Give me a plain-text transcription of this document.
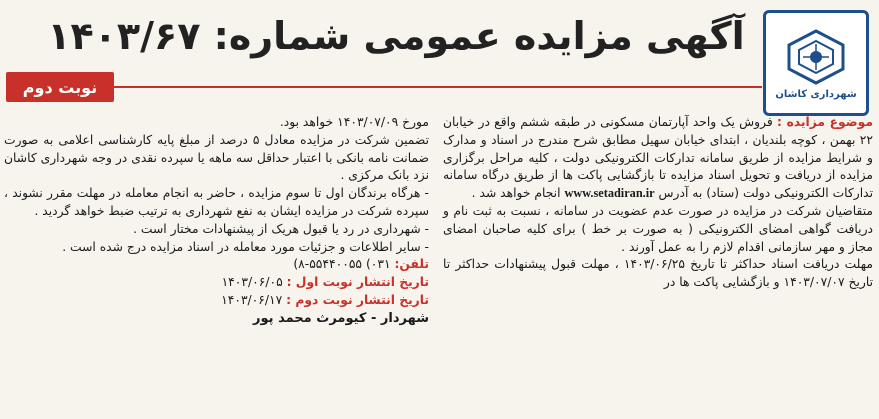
شهرداری کاشان
آگهی مزایده عمومی شماره: ۱۴۰۳/۶۷
نوبت دوم

موضوع مزایده : فروش یک واحد آپارتمان مسکونی در طبقه ششم واقع در خیابان ۲۲ بهمن ، کوچه بلندیان ، ابتدای خیابان سهیل مطابق شرح مندرج در اسناد و مدارک و شرایط مزایده از طریق سامانه تدارکات الکترونیکی دولت ، کلیه مراحل برگزاری مزایده از دریافت و تحویل اسناد مزایده تا بازگشایی پاکت ها از طریق درگاه سامانه تدارکات الکترونیکی دولت (ستاد) به آدرس www.setadiran.ir انجام خواهد شد .

متقاضیان شرکت در مزایده در صورت عدم عضویت در سامانه ، نسبت به ثبت نام و دریافت گواهی امضای الکترونیکی ( به صورت بر خط ) برای کلیه صاحبان امضای مجاز و مهر سازمانی اقدام لازم را به عمل آورند .

مهلت دریافت اسناد حداکثر تا تاریخ ۱۴۰۳/۰۶/۲۵ ، مهلت قبول پیشنهادات حداکثر تا تاریخ ۱۴۰۳/۰۷/۰۷ و بازگشایی پاکت ها در

مورخ ۱۴۰۳/۰۷/۰۹ خواهد بود.

تضمین شرکت در مزایده معادل ۵ درصد از مبلغ پایه کارشناسی اعلامی به صورت ضمانت نامه بانکی با اعتبار حداقل سه ماهه یا سپرده نقدی در وجه شهرداری کاشان نزد بانک مرکزی .

- هرگاه برندگان اول تا سوم مزایده ، حاضر به انجام معامله در مهلت مقرر نشوند ، سپرده شرکت در مزایده ایشان به نفع شهرداری به ترتیب ضبط خواهد گردید .

- شهرداری در رد یا قبول هریک از پیشنهادات مختار است .

- سایر اطلاعات و جزئیات مورد معامله در اسناد مزایده درج شده است .

تلفن: ۰۳۱) ۵۵۴۴۰۰۵۵-۸)

تاریخ انتشار نوبت اول : ۱۴۰۳/۰۶/۰۵

تاریخ انتشار نوبت دوم : ۱۴۰۳/۰۶/۱۷

شهردار - کیومرث محمد پور
